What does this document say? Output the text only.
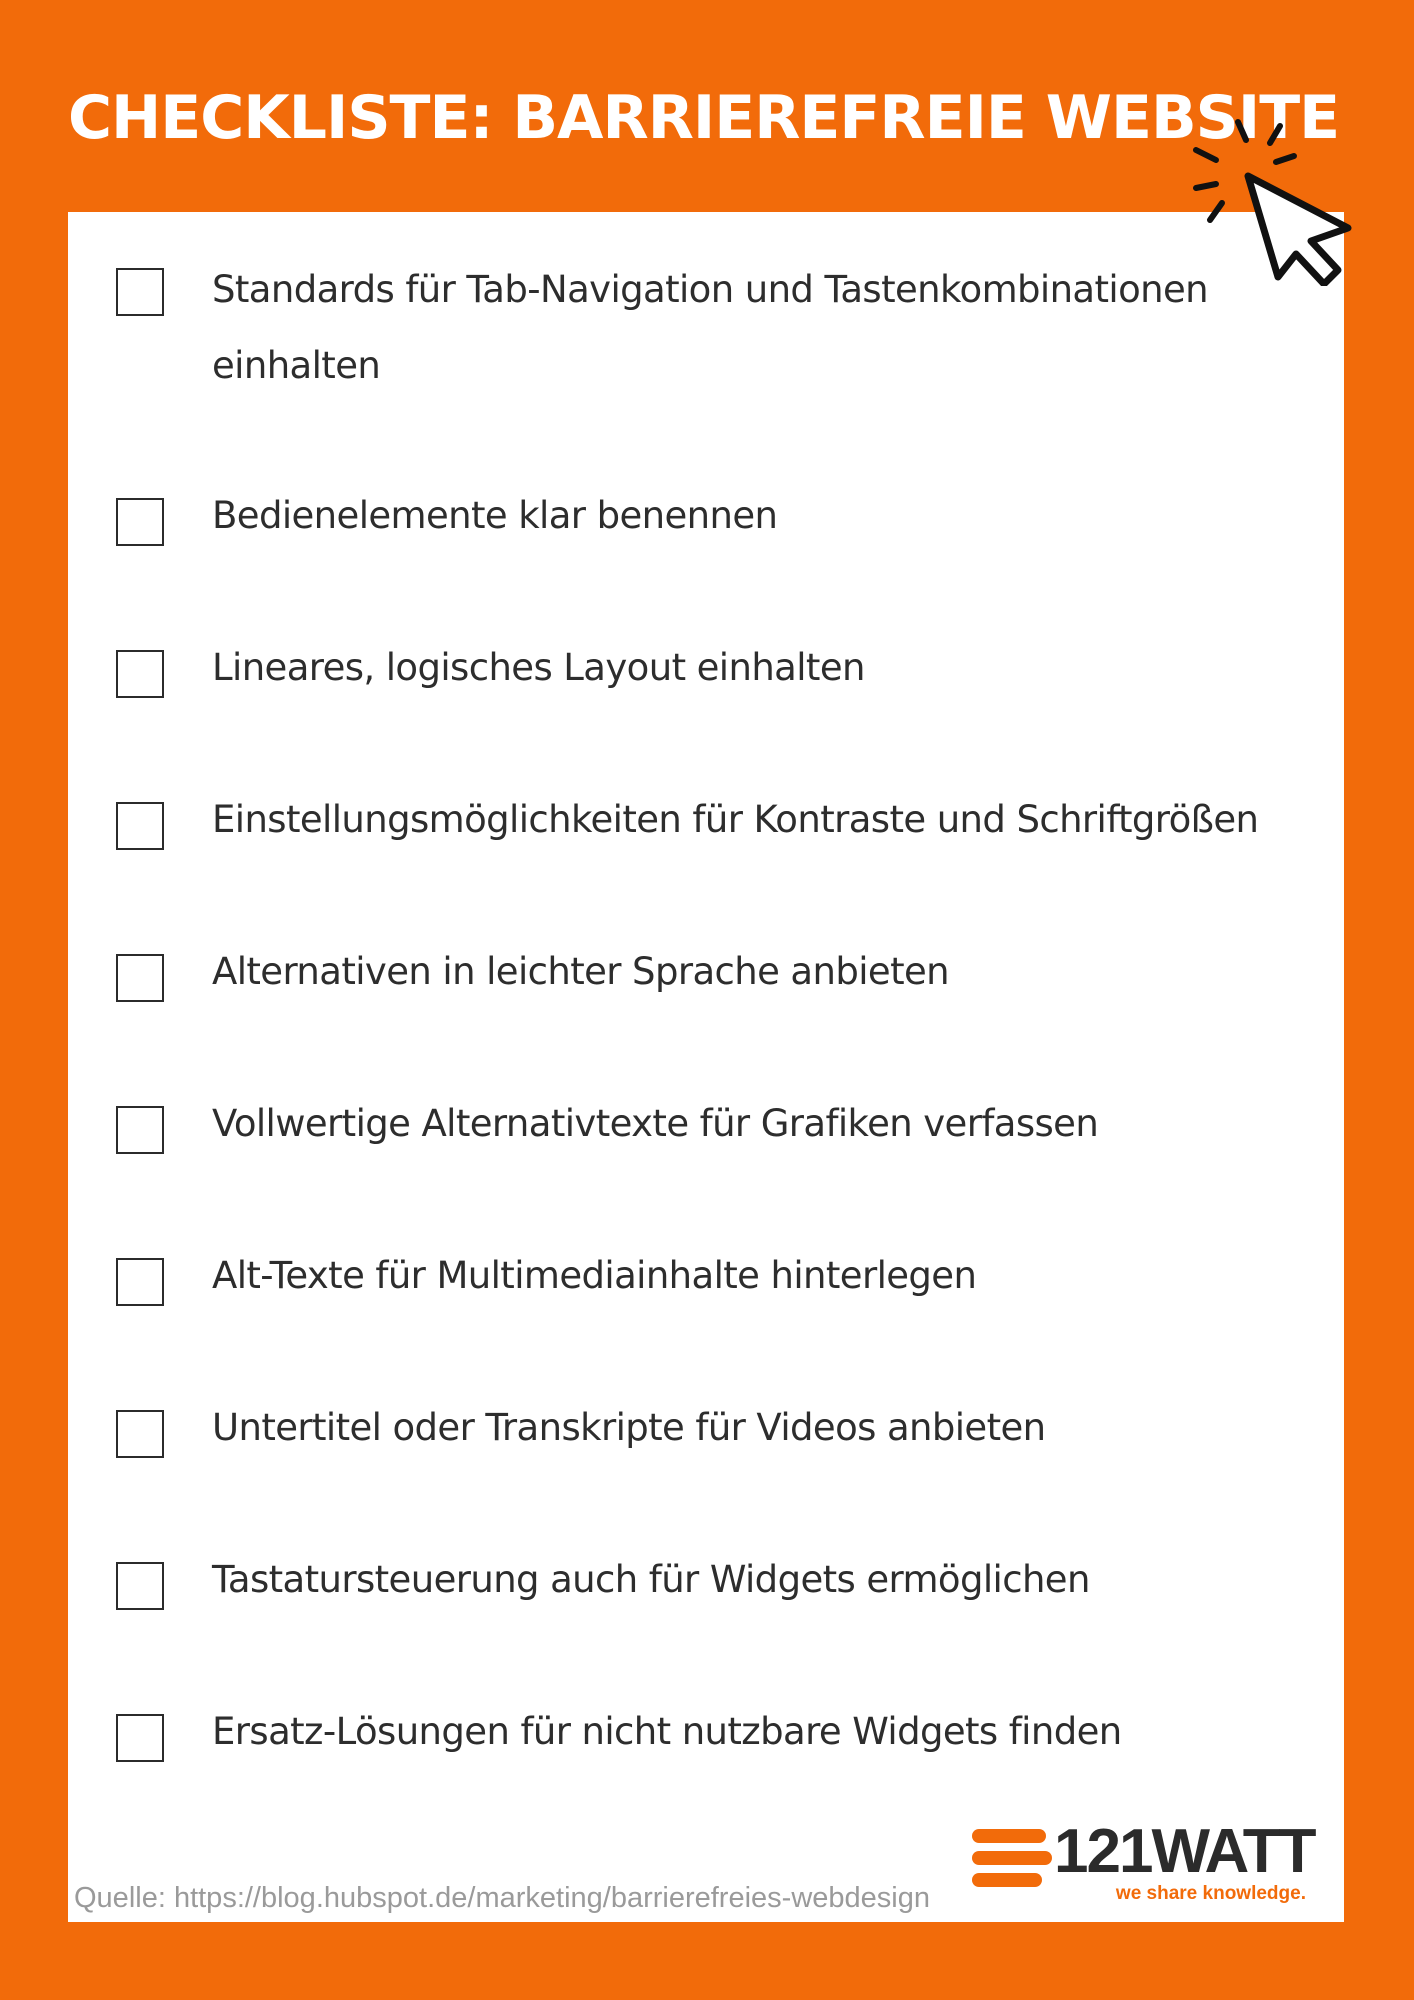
CHECKLISTE: BARRIEREFREIE WEBSITE
Standards für Tab-Navigation und Tastenkombinationen einhalten
Bedienelemente klar benennen
Lineares, logisches Layout einhalten
Einstellungsmöglichkeiten für Kontraste und Schriftgrößen
Alternativen in leichter Sprache anbieten
Vollwertige Alternativtexte für Grafiken verfassen
Alt-Texte für Multimediainhalte hinterlegen
Untertitel oder Transkripte für Videos anbieten
Tastatursteuerung auch für Widgets ermöglichen
Ersatz-Lösungen für nicht nutzbare Widgets finden
121WATT
we share knowledge.
Quelle: https://blog.hubspot.de/marketing/barrierefreies-webdesign
